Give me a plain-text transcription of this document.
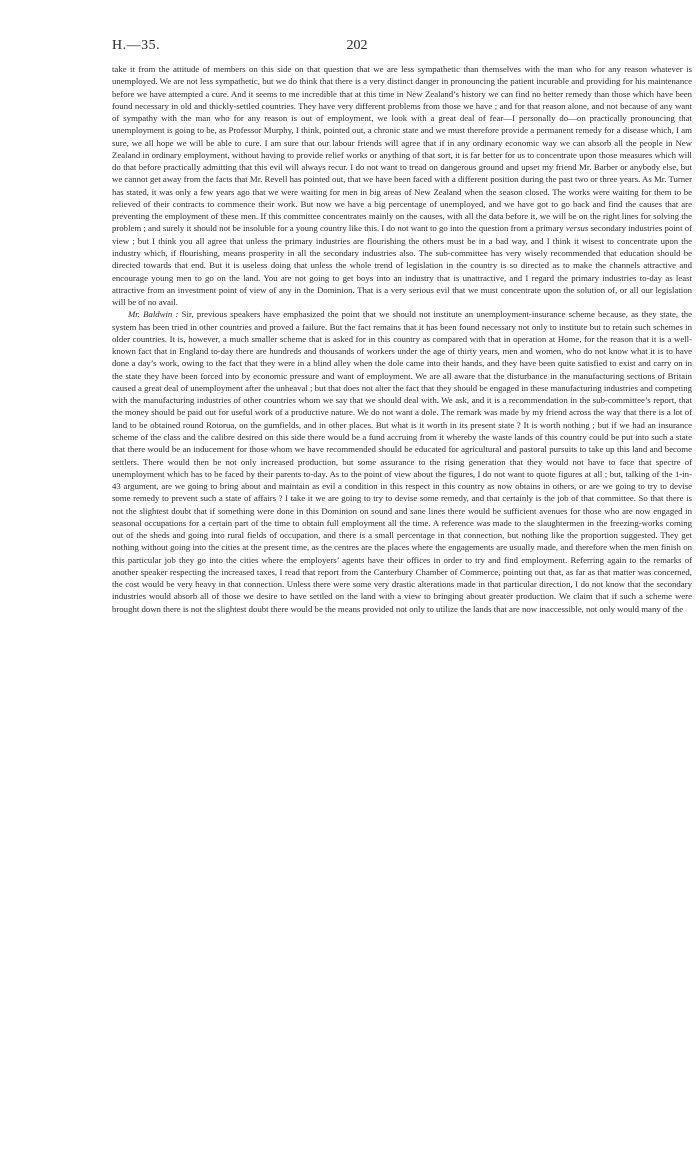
H.—35.	202

take it from the attitude of members on this side on that question that we are less sympathetic than themselves with the man who for any reason whatever is unemployed. We are not less sympathetic, but we do think that there is a very distinct danger in pronouncing the patient incurable and providing for his maintenance before we have attempted a cure. And it seems to me incredible that at this time in New Zealand’s history we can find no better remedy than those which have been found necessary in old and thickly-settled countries. They have very different problems from those we have ; and for that reason alone, and not because of any want of sympathy with the man who for any reason is out of employment, we look with a great deal of fear—I personally do—on practically pronouncing that unemployment is going to be, as Professor Murphy, I think, pointed out, a chronic state and we must therefore provide a permanent remedy for a disease which, I am sure, we all hope we will be able to cure. I am sure that our labour friends will agree that if in any ordinary economic way we can absorb all the people in New Zealand in ordinary employment, without having to provide relief works or anything of that sort, it is far better for us to concentrate upon those measures which will do that before practically admitting that this evil will always recur. I do not want to tread on dangerous ground and upset my friend Mr. Barber or anybody else, but we cannot get away from the facts that Mr. Revell has pointed out, that we have been faced with a different position during the past two or three years. As Mr. Turner has stated, it was only a few years ago that we were waiting for men in big areas of New Zealand when the season closed. The works were waiting for them to be relieved of their contracts to commence their work. But now we have a big percentage of unemployed, and we have got to go back and find the causes that are preventing the employment of these men. If this committee concentrates mainly on the causes, with all the data before it, we will be on the right lines for solving the problem ; and surely it should not be insoluble for a young country like this. I do not want to go into the question from a primary versus secondary industries point of view ; but I think you all agree that unless the primary industries are flourishing the others must be in a bad way, and I think it wisest to concentrate upon the industry which, if flourishing, means prosperity in all the secondary industries also. The sub-committee has very wisely recommended that education should be directed towards that end. But it is useless doing that unless the whole trend of legislation in the country is so directed as to make the channels attractive and encourage young men to go on the land. You are not going to get boys into an industry that is unattractive, and I regard the primary industries to-day as least attractive from an investment point of view of any in the Dominion. That is a very serious evil that we must concentrate upon the solution of, or all our legislation will be of no avail.

Mr. Baldwin : Sir, previous speakers have emphasized the point that we should not institute an unemployment-insurance scheme because, as they state, the system has been tried in other countries and proved a failure. But the fact remains that it has been found necessary not only to institute but to retain such schemes in older countries. It is, however, a much smaller scheme that is asked for in this country as compared with that in operation at Home, for the reason that it is a well-known fact that in England to-day there are hundreds and thousands of workers under the age of thirty years, men and women, who do not know what it is to have done a day’s work, owing to the fact that they were in a blind alley when the dole came into their hands, and they have been quite satisfied to exist and carry on in the state they have been forced into by economic pressure and want of employment. We are all aware that the disturbance in the manufacturing sections of Britain caused a great deal of unemployment after the unheaval ; but that does not alter the fact that they should be engaged in these manufacturing industries and competing with the manufacturing industries of other countries whom we say that we should deal with. We ask, and it is a recommendation in the sub-committee’s report, that the money should be paid out for useful work of a productive nature. We do not want a dole. The remark was made by my friend across the way that there is a lot of land to be obtained round Rotorua, on the gumfields, and in other places. But what is it worth in its present state ? It is worth nothing ; but if we had an insurance scheme of the class and the calibre desired on this side there would be a fund accruing from it whereby the waste lands of this country could be put into such a state that there would be an inducement for those whom we have recommended should be educated for agricultural and pastoral pursuits to take up this land and become settlers. There would then be not only increased production, but some assurance to the rising generation that they would not have to face that spectre of unemployment which has to be faced by their parents to-day. As to the point of view about the figures, I do not want to quote figures at all ; but, talking of the 1-in-43 argument, are we going to bring about and maintain as evil a condition in this respect in this country as now obtains in others, or are we going to try to devise some remedy to prevent such a state of affairs ? I take it we are going to try to devise some remedy, and that certainly is the job of that committee. So that there is not the slightest doubt that if something were done in this Dominion on sound and sane lines there would be sufficient avenues for those who are now engaged in seasonal occupations for a certain part of the time to obtain full employment all the time. A reference was made to the slaughtermen in the freezing-works coming out of the sheds and going into rural fields of occupation, and there is a small percentage in that connection, but nothing like the proportion suggested. They get nothing without going into the cities at the present time, as the centres are the places where the engagements are usually made, and therefore when the men finish on this particular job they go into the cities where the employers’ agents have their offices in order to try and find employment. Referring again to the remarks of another speaker respecting the increased taxes, I read that report from the Canterbury Chamber of Commerce, pointing out that, as far as that matter was concerned, the cost would be very heavy in that connection. Unless there were some very drastic alterations made in that particular direction, I do not know that the secondary industries would absorb all of those we desire to have settled on the land with a view to bringing about greater production. We claim that if such a scheme were brought down there is not the slightest doubt there would be the means provided not only to utilize the lands that are now inaccessible, not only would many of the
